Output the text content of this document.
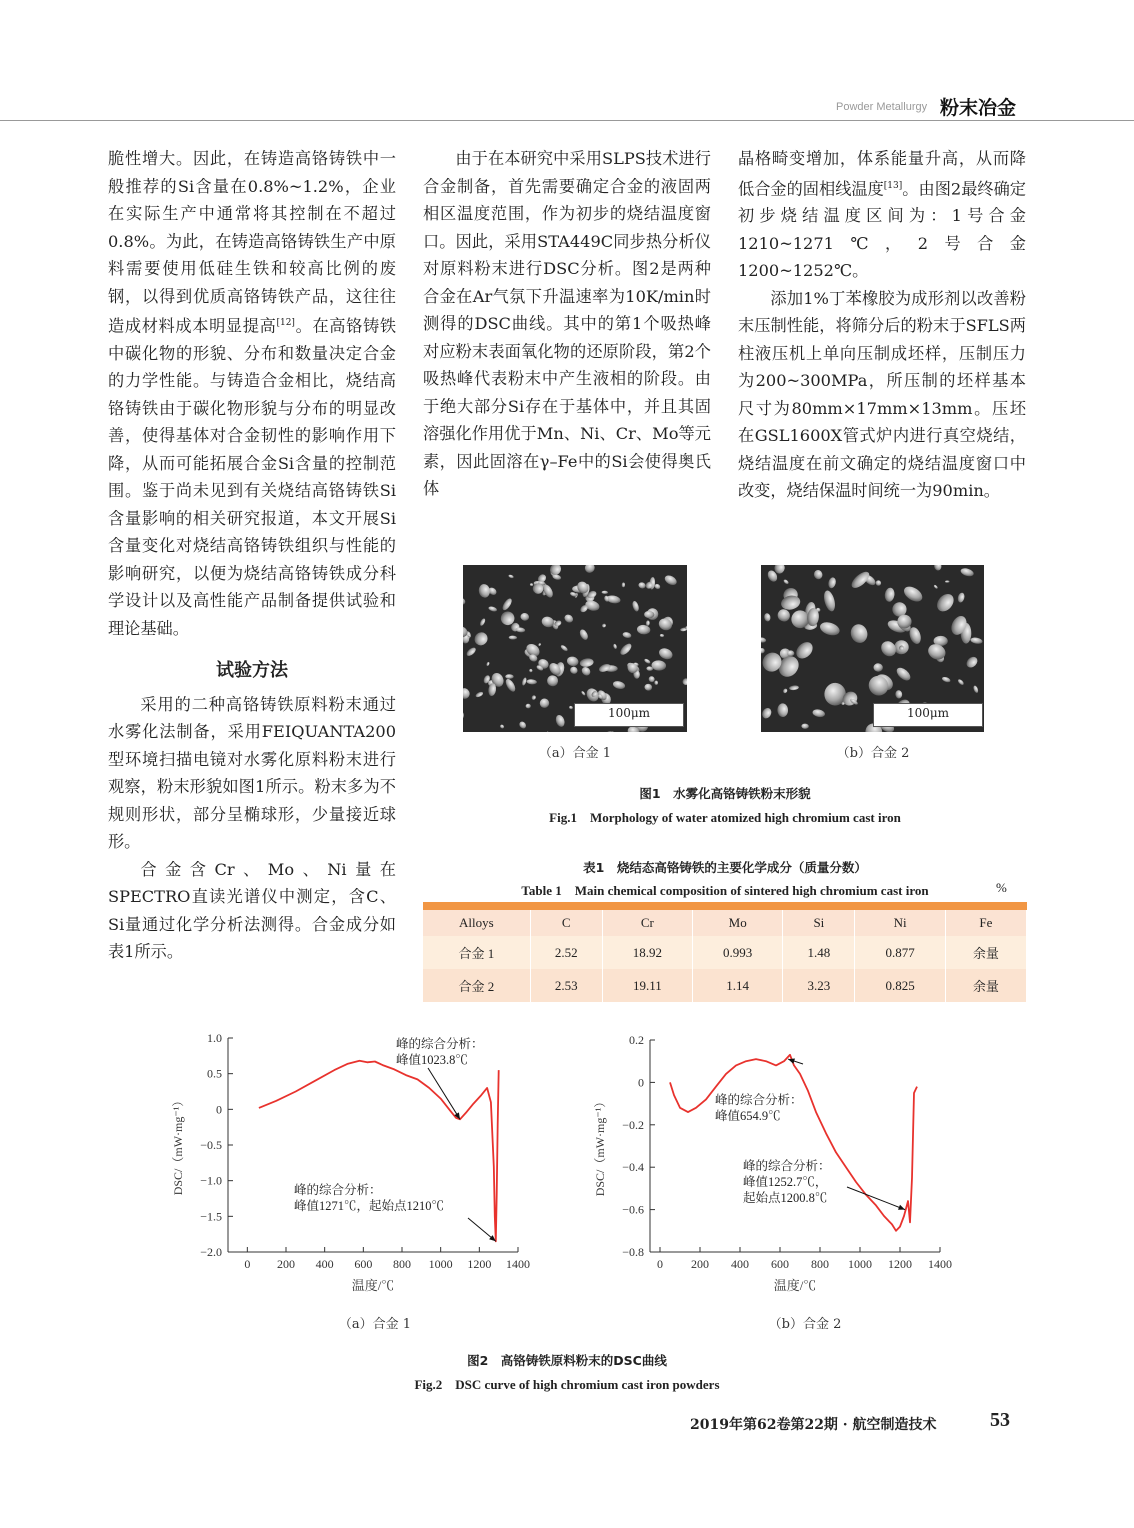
Powder Metallurgy 粉末冶金

脆性增大。因此，在铸造高铬铸铁中一般推荐的Si含量在0.8%~1.2%，企业在实际生产中通常将其控制在不超过0.8%。为此，在铸造高铬铸铁生产中原料需要使用低硅生铁和较高比例的废钢，以得到优质高铬铸铁产品，这往往造成材料成本明显提高[12]。在高铬铸铁中碳化物的形貌、分布和数量决定合金的力学性能。与铸造合金相比，烧结高铬铸铁由于碳化物形貌与分布的明显改善，使得基体对合金韧性的影响作用下降，从而可能拓展合金Si含量的控制范围。鉴于尚未见到有关烧结高铬铸铁Si含量影响的相关研究报道，本文开展Si含量变化对烧结高铬铸铁组织与性能的影响研究，以便为烧结高铬铸铁成分科学设计以及高性能产品制备提供试验和理论基础。

试验方法

采用的二种高铬铸铁原料粉末通过水雾化法制备，采用FEIQUANTA200型环境扫描电镜对水雾化原料粉末进行观察，粉末形貌如图1所示。粉末多为不规则形状，部分呈椭球形，少量接近球形。

合金含Cr、Mo、Ni量在SPECTRO直读光谱仪中测定，含C、Si量通过化学分析法测得。合金成分如表1所示。

由于在本研究中采用SLPS技术进行合金制备，首先需要确定合金的液固两相区温度范围，作为初步的烧结温度窗口。因此，采用STA449C同步热分析仪对原料粉末进行DSC分析。图2是两种合金在Ar气氛下升温速率为10K/min时测得的DSC曲线。其中的第1个吸热峰对应粉末表面氧化物的还原阶段，第2个吸热峰代表粉末中产生液相的阶段。由于绝大部分Si存在于基体中，并且其固溶强化作用优于Mn、Ni、Cr、Mo等元素，因此固溶在γ–Fe中的Si会使得奥氏体

晶格畸变增加，体系能量升高，从而降低合金的固相线温度[13]。由图2最终确定初步烧结温度区间为：1号合金1210~1271℃，2号合金1200~1252℃。

添加1%丁苯橡胶为成形剂以改善粉末压制性能，将筛分后的粉末于SFLS两柱液压机上单向压制成坯样，压制压力为200~300MPa，所压制的坯样基本尺寸为80mm×17mm×13mm。压坯在GSL1600X管式炉内进行真空烧结，烧结温度在前文确定的烧结温度窗口中改变，烧结保温时间统一为90min。

100μm	100μm
（a）合金 1	（b）合金 2
图1　水雾化高铬铸铁粉末形貌
Fig.1　Morphology of water atomized high chromium cast iron
表1　烧结态高铬铸铁的主要化学成分（质量分数）
Table 1　Main chemical composition of sintered high chromium cast iron	%
Alloys	C	Cr	Mo	Si	Ni	Fe
合金 1	2.52	18.92	0.993	1.48	0.877	余量
合金 2	2.53	19.11	1.14	3.23	0.825	余量
1.0
0.5
0
−0.5
−1.0
−1.5
−2.0
0 200 400 600 800 1000 1200 1400
温度/℃
DSC/（mW·mg⁻¹）
峰的综合分析：
峰值1023.8℃
峰的综合分析：
峰值1271℃，起始点1210℃
0.2
0
−0.2
−0.4
−0.6
−0.8
0 200 400 600 800 1000 1200 1400
温度/℃
DSC/（mW·mg⁻¹）	峰的综合分析：
峰值654.9℃
峰的综合分析：
峰值1252.7℃，
起始点1200.8℃
（a）合金 1	（b）合金 2
图2　高铬铸铁原料粉末的DSC曲线
Fig.2　DSC curve of high chromium cast iron powders
2019年第62卷第22期 · 航空制造技术	53
